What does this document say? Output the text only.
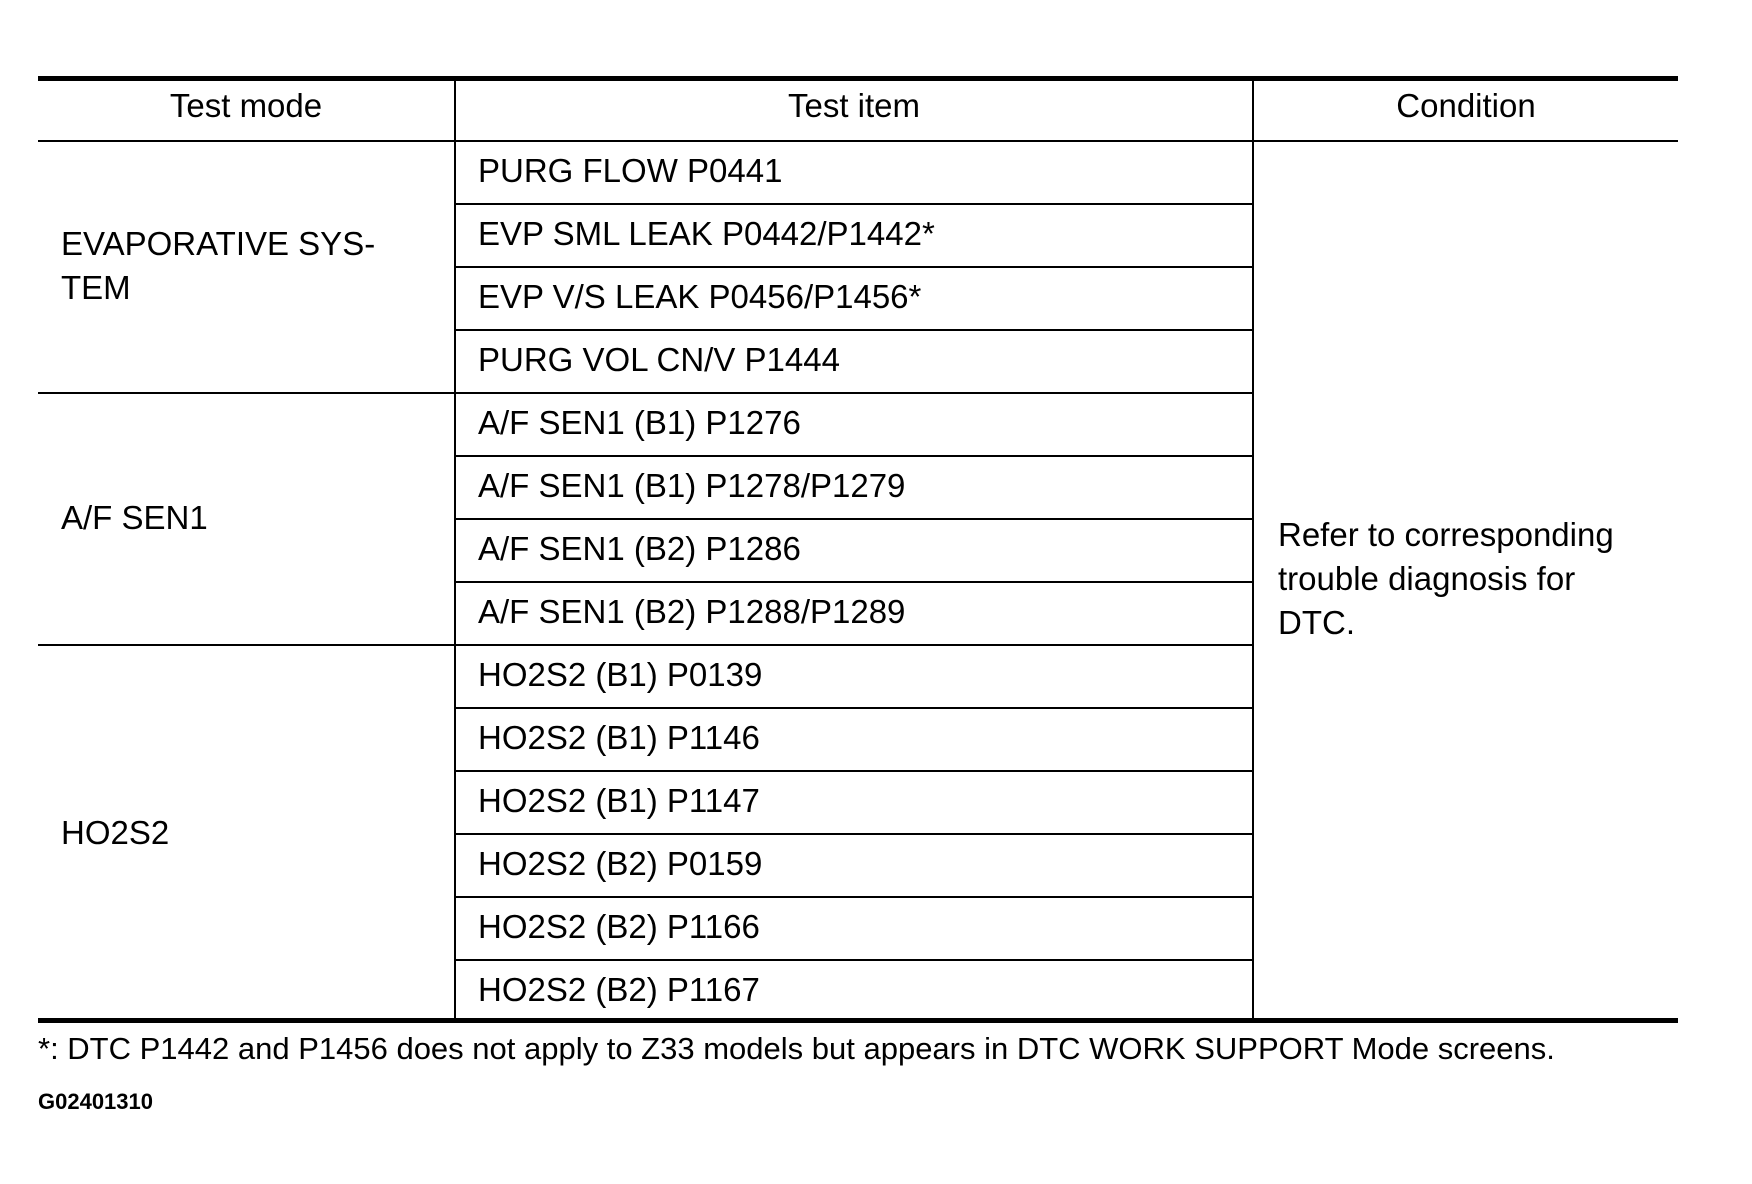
Test mode	Test item	Condition
EVAPORATIVE SYS-
TEM
PURG FLOW P0441
EVP SML LEAK P0442/P1442*
EVP V/S LEAK P0456/P1456*
PURG VOL CN/V P1444
A/F SEN1
A/F SEN1 (B1) P1276
A/F SEN1 (B1) P1278/P1279
A/F SEN1 (B2) P1286
A/F SEN1 (B2) P1288/P1289
HO2S2
HO2S2 (B1) P0139
HO2S2 (B1) P1146
HO2S2 (B1) P1147
HO2S2 (B2) P0159
HO2S2 (B2) P1166
HO2S2 (B2) P1167
Refer to corresponding
trouble diagnosis for
DTC.
*: DTC P1442 and P1456 does not apply to Z33 models but appears in DTC WORK SUPPORT Mode screens.
G02401310
